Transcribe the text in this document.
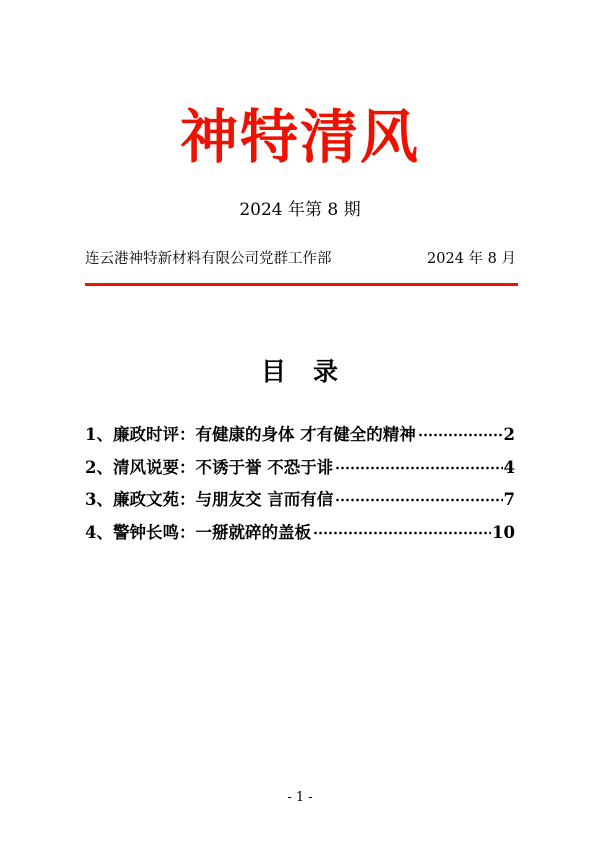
神特清风
2024 年第 8 期
连云港神特新材料有限公司党群工作部	2024 年 8 月
目　录
1、廉政时评：有健康的身体 才有健全的精神	2
2、清风说要：不诱于誉 不恐于诽	4
3、廉政文苑：与朋友交 言而有信	7
4、警钟长鸣：一掰就碎的盖板	10
- 1 -
